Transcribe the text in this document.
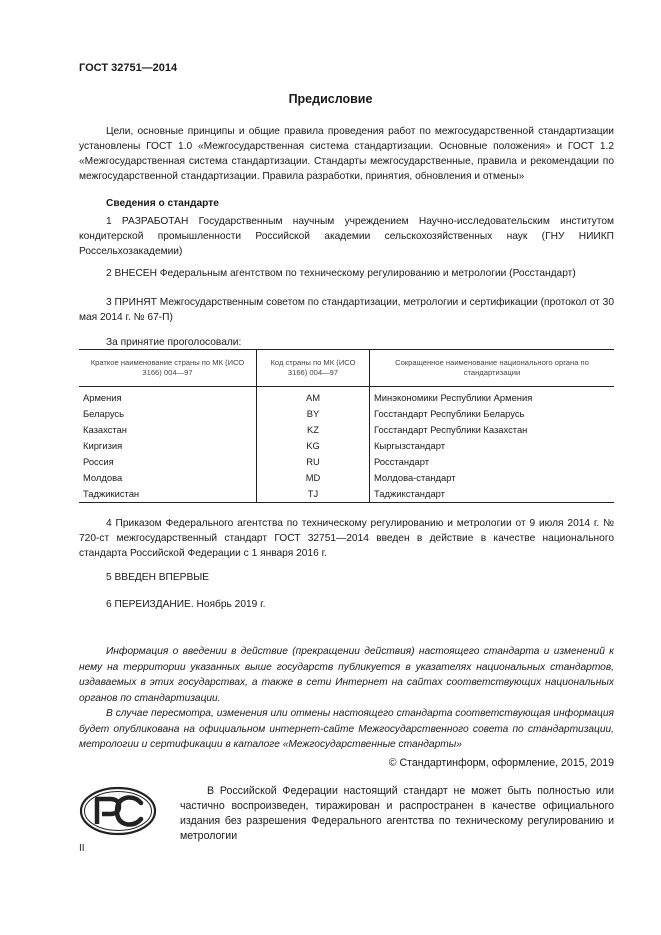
ГОСТ 32751—2014
Предисловие

Цели, основные принципы и общие правила проведения работ по межгосударственной стандартизации установлены ГОСТ 1.0 «Межгосударственная система стандартизации. Основные положения» и ГОСТ 1.2 «Межгосударственная система стандартизации. Стандарты межгосударственные, правила и рекомендации по межгосударственной стандартизации. Правила разработки, принятия, обновления и отмены»

Сведения о стандарте

1 РАЗРАБОТАН Государственным научным учреждением Научно-исследовательским институтом кондитерской промышленности Российской академии сельскохозяйственных наук (ГНУ НИИКП Россельхозакадемии)

2 ВНЕСЕН Федеральным агентством по техническому регулированию и метрологии (Росстандарт)

3 ПРИНЯТ Межгосударственным советом по стандартизации, метрологии и сертификации (протокол от 30 мая 2014 г. № 67-П)

За принятие проголосовали:

Краткое наименование страны по МК (ИСО 3166) 004—97	Код страны по МК (ИСО 3166) 004—97	Сокращенное наименование национального органа по стандартизации
Армения	AM	Минэкономики Республики Армения
Беларусь	BY	Госстандарт Республики Беларусь
Казахстан	KZ	Госстандарт Республики Казахстан
Киргизия	KG	Кыргызстандарт
Россия	RU	Росстандарт
Молдова	MD	Молдова-стандарт
Таджикистан	TJ	Таджикстандарт

4 Приказом Федерального агентства по техническому регулированию и метрологии от 9 июля 2014 г. № 720-ст межгосударственный стандарт ГОСТ 32751—2014 введен в действие в качестве национального стандарта Российской Федерации с 1 января 2016 г.

5 ВВЕДЕН ВПЕРВЫЕ

6 ПЕРЕИЗДАНИЕ. Ноябрь 2019 г.

Информация о введении в действие (прекращении действия) настоящего стандарта и изменений к нему на территории указанных выше государств публикуется в указателях национальных стандартов, издаваемых в этих государствах, а также в сети Интернет на сайтах соответствующих национальных органов по стандартизации.

В случае пересмотра, изменения или отмены настоящего стандарта соответствующая информация будет опубликована на официальном интернет-сайте Межгосударственного совета по стандартизации, метрологии и сертификации в каталоге «Межгосударственные стандарты»

© Стандартинформ, оформление, 2015, 2019

В Российской Федерации настоящий стандарт не может быть полностью или частично воспроизведен, тиражирован и распространен в качестве официального издания без разрешения Федерального агентства по техническому регулированию и метрологии

II
